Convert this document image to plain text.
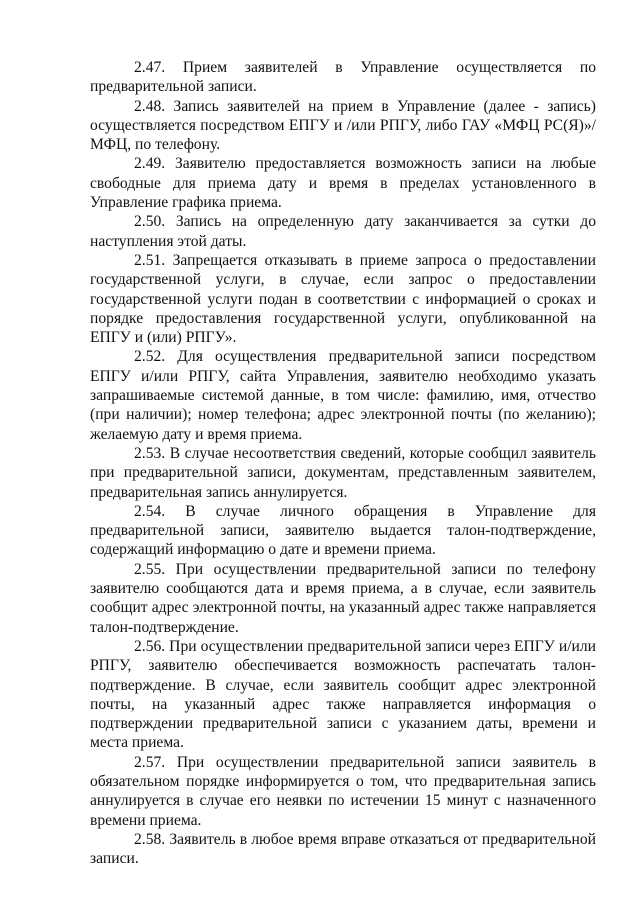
2.47. Прием заявителей в Управление осуществляется по предварительной записи.

2.48. Запись заявителей на прием в Управление (далее - запись) осуществляется посредством ЕПГУ и /или РПГУ, либо ГАУ «МФЦ РС(Я)»/МФЦ, по телефону.

2.49. Заявителю предоставляется возможность записи на любые свободные для приема дату и время в пределах установленного в Управление графика приема.

2.50. Запись на определенную дату заканчивается за сутки до наступления этой даты.

2.51. Запрещается отказывать в приеме запроса о предоставлении государственной услуги, в случае, если запрос о предоставлении государственной услуги подан в соответствии с информацией о сроках и порядке предоставления государственной услуги, опубликованной на ЕПГУ и (или) РПГУ».

2.52. Для осуществления предварительной записи посредством ЕПГУ и/или РПГУ, сайта Управления, заявителю необходимо указать запрашиваемые системой данные, в том числе: фамилию, имя, отчество (при наличии); номер телефона; адрес электронной почты (по желанию); желаемую дату и время приема.

2.53. В случае несоответствия сведений, которые сообщил заявитель при предварительной записи, документам, представленным заявителем, предварительная запись аннулируется.

2.54. В случае личного обращения в Управление для предварительной записи, заявителю выдается талон-подтверждение, содержащий информацию о дате и времени приема.

2.55. При осуществлении предварительной записи по телефону заявителю сообщаются дата и время приема, а в случае, если заявитель сообщит адрес электронной почты, на указанный адрес также направляется талон-подтверждение.

2.56. При осуществлении предварительной записи через ЕПГУ и/или РПГУ, заявителю обеспечивается возможность распечатать талон-подтверждение. В случае, если заявитель сообщит адрес электронной почты, на указанный адрес также направляется информация о подтверждении предварительной записи с указанием даты, времени и места приема.

2.57. При осуществлении предварительной записи заявитель в обязательном порядке информируется о том, что предварительная запись аннулируется в случае его неявки по истечении 15 минут с назначенного времени приема.

2.58. Заявитель в любое время вправе отказаться от предварительной записи.
